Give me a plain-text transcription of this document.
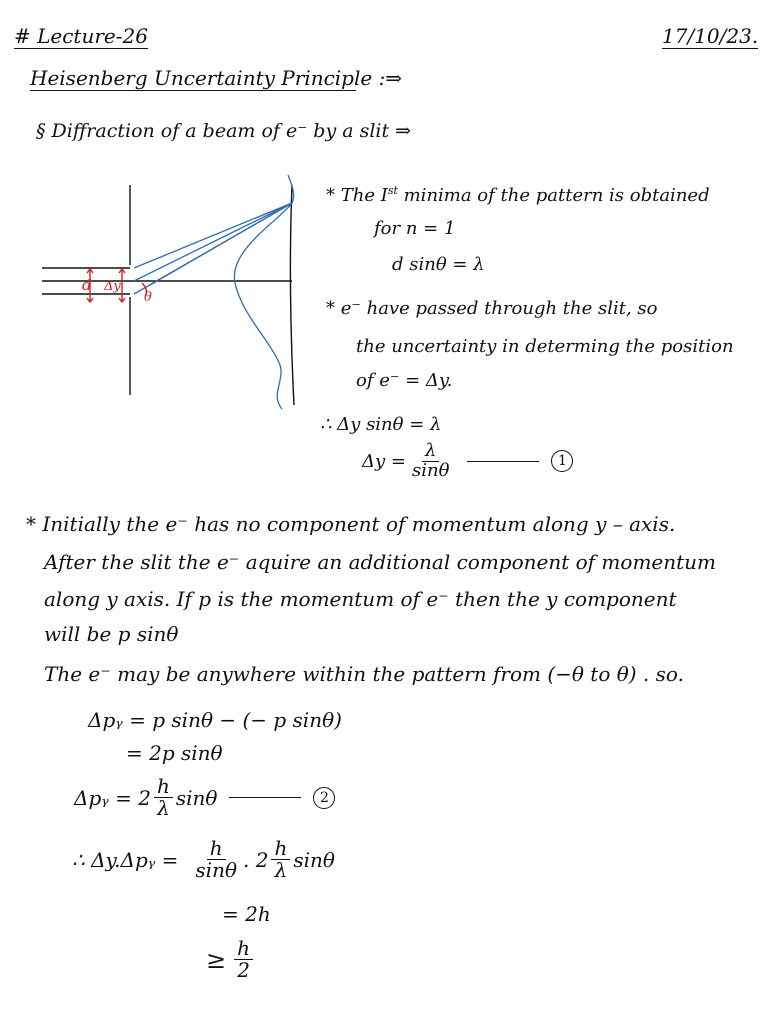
# Lecture-26	17/10/23.
Heisenberg Uncertainty Principle :⇒
§ Diffraction of a beam of e⁻ by a slit ⇒
d Δy
θ
* The Ist minima of the pattern is obtained
for n = 1
d sinθ = λ
* e⁻ have passed through the slit, so
the uncertainty in determing the position
of e⁻ = Δy.
∴ Δy sinθ = λ
$\Delta y = \frac{\lambda}{\sin\theta}$	1
* Initially the e⁻ has no component of momentum along y – axis.
After the slit the e⁻ aquire an additional component of momentum
along y axis. If p is the momentum of e⁻ then the y component
will be p sinθ
The e⁻ may be anywhere within the pattern from (−θ to θ) . so.
Δpᵧ = p sinθ − (− p sinθ)
= 2p sinθ
Δpᵧ = $2 \frac{h}{\lambda}$ sinθ	2
∴ Δy.Δpᵧ = $\frac{h}{\sin\theta}$ . $2 \frac{h}{\lambda}$ sinθ
= 2h
≥ $\frac{h}{2}$
